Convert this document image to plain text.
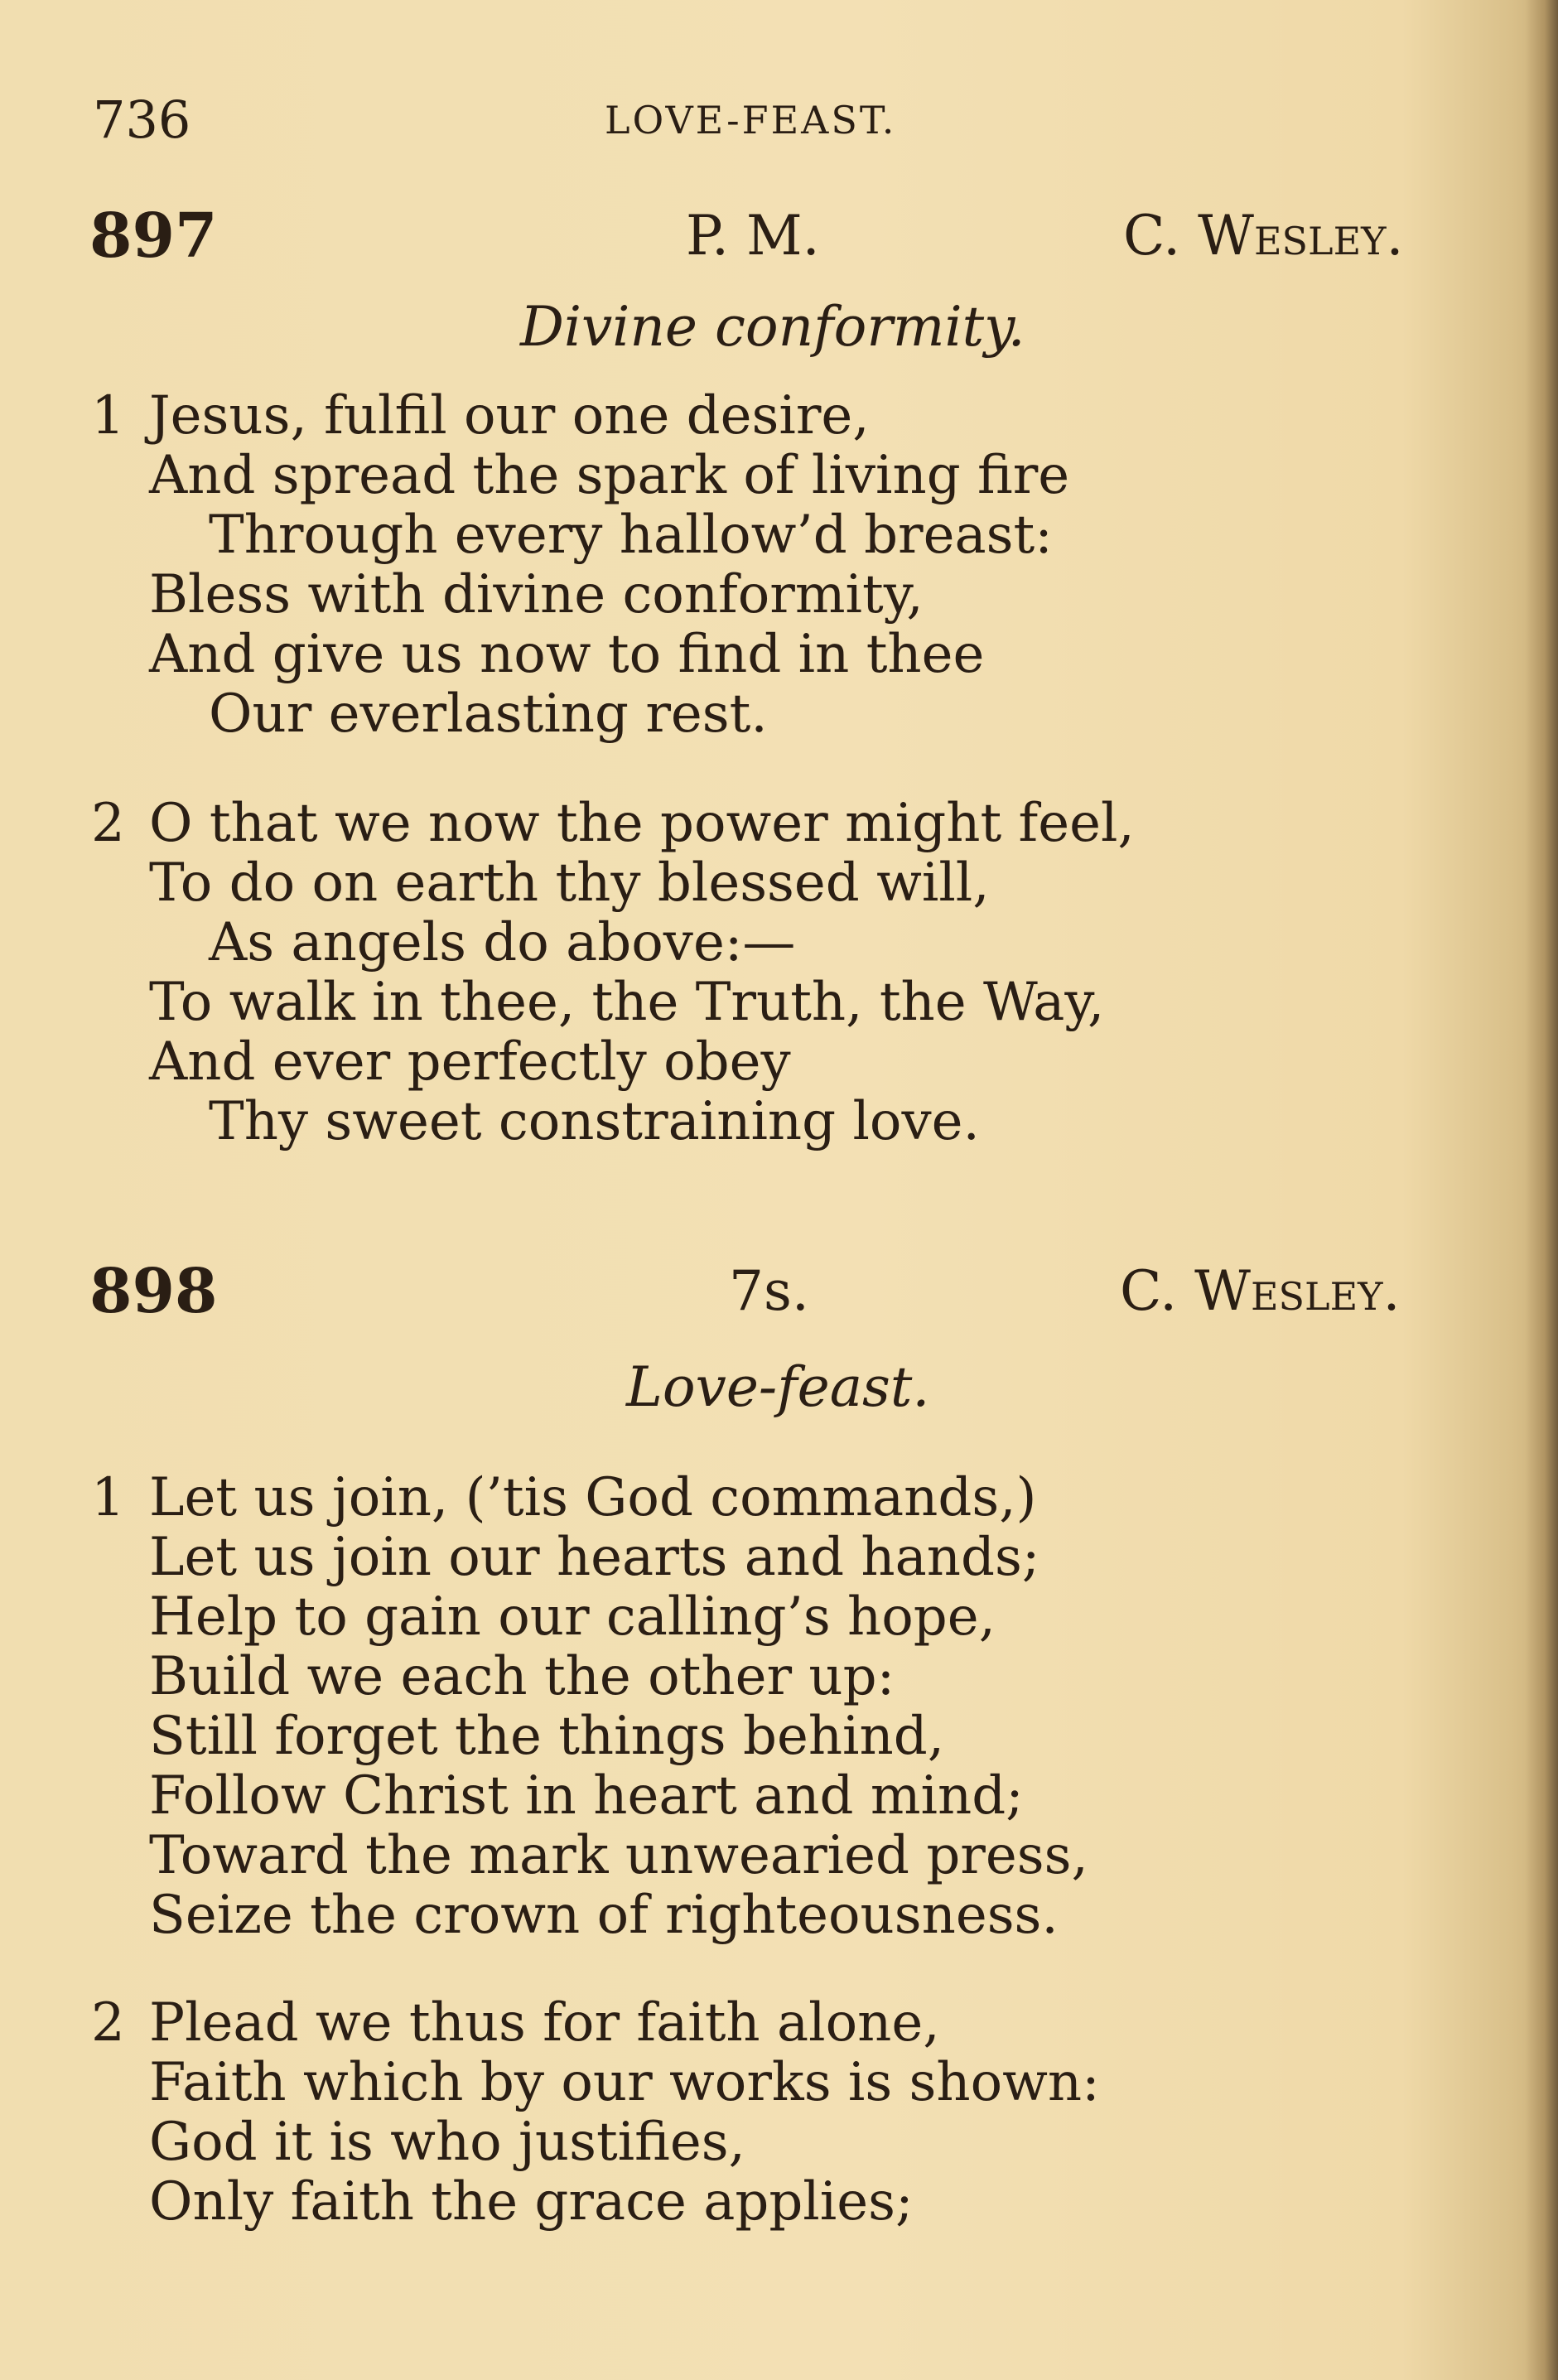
736	LOVE-FEAST.
897	P. M.	C. Wesley.
Divine conformity.
1 Jesus, fulfil our one desire,
And spread the spark of living fire
Through every hallow’d breast:
Bless with divine conformity,
And give us now to find in thee
Our everlasting rest.
2 O that we now the power might feel,
To do on earth thy blessed will,
As angels do above:—
To walk in thee, the Truth, the Way,
And ever perfectly obey
Thy sweet constraining love.
898	7s.	C. Wesley.
Love-feast.
1 Let us join, (’tis God commands,)
Let us join our hearts and hands;
Help to gain our calling’s hope,
Build we each the other up:
Still forget the things behind,
Follow Christ in heart and mind;
Toward the mark unwearied press,
Seize the crown of righteousness.
2 Plead we thus for faith alone,
Faith which by our works is shown:
God it is who justifies,
Only faith the grace applies;
